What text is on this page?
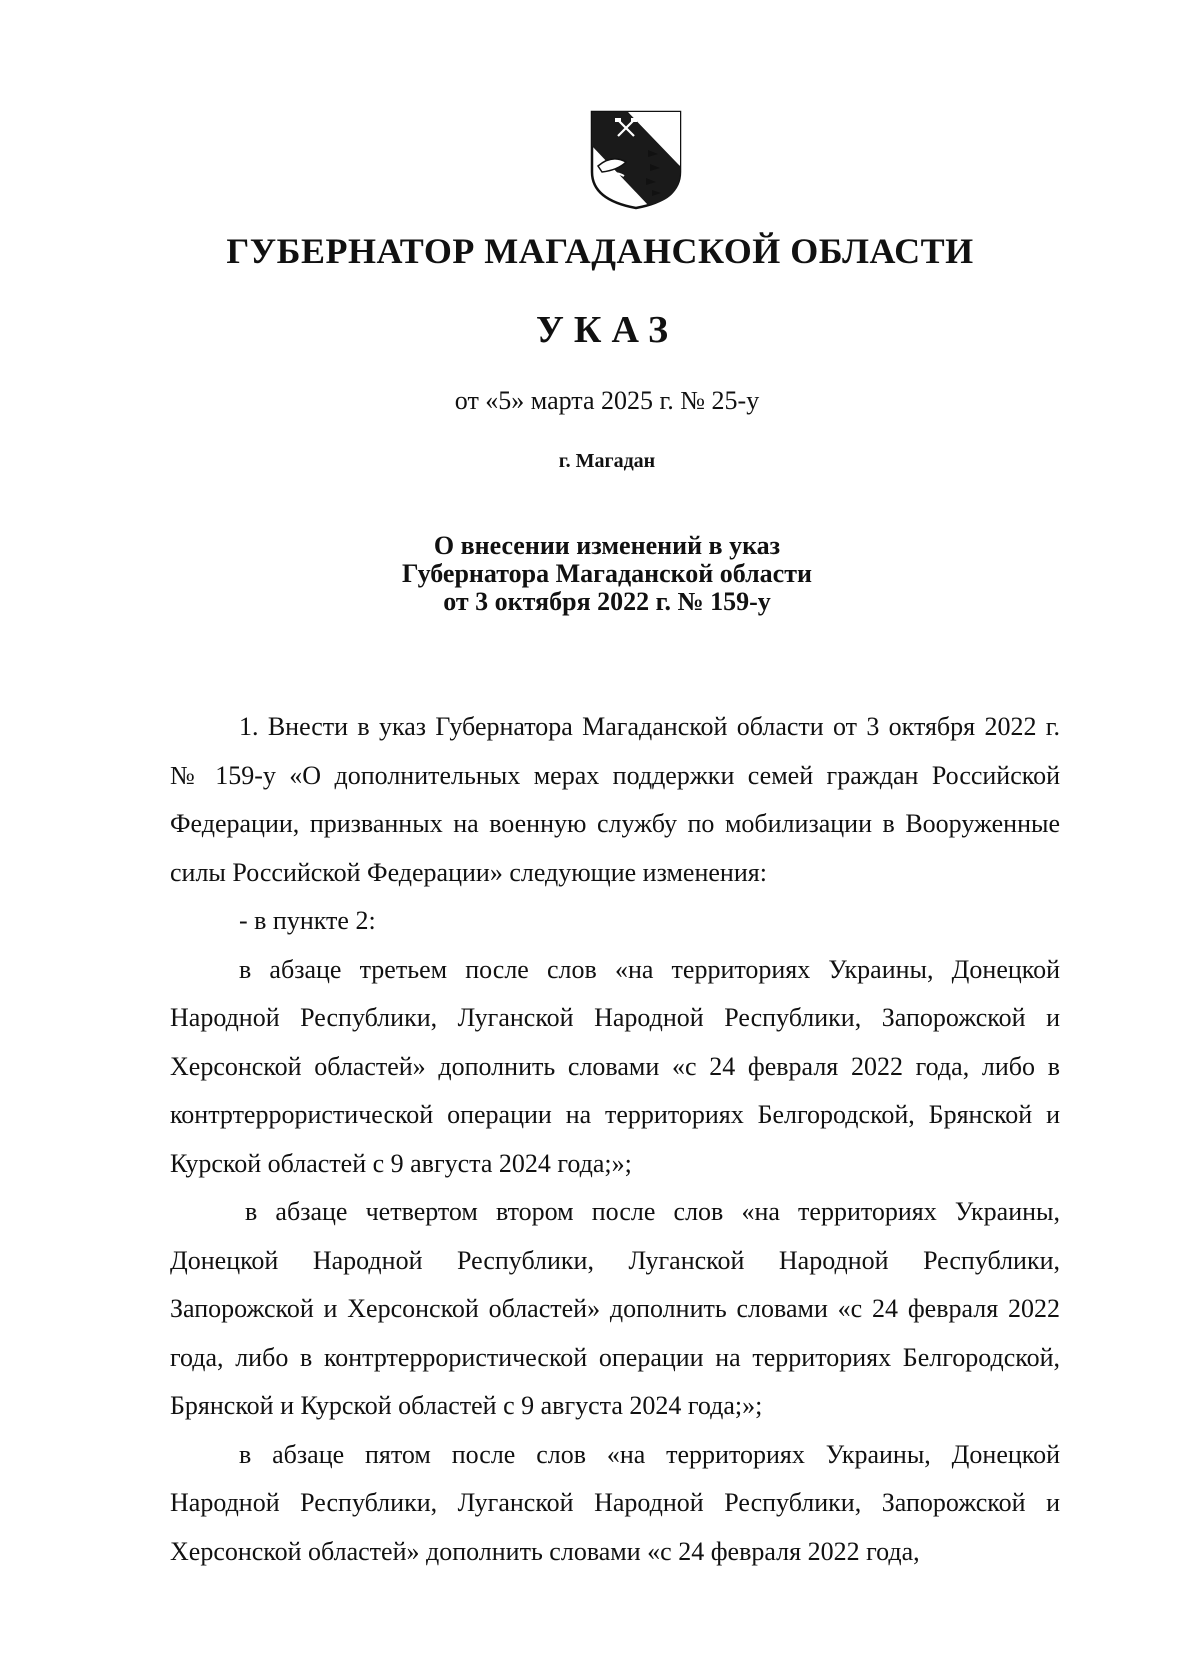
ГУБЕРНАТОР МАГАДАНСКОЙ ОБЛАСТИ
УКАЗ
от «5» марта 2025 г. № 25-у
г. Магадан
О внесении изменений в указ
Губернатора Магаданской области
от 3 октября 2022 г. № 159-у

1. Внести в указ Губернатора Магаданской области от 3 октября 2022 г. № 159-у «О дополнительных мерах поддержки семей граждан Российской Федерации, призванных на военную службу по мобилизации в Вооруженные силы Российской Федерации» следующие изменения:

- в пункте 2:

в абзаце третьем после слов «на территориях Украины, Донецкой Народной Республики, Луганской Народной Республики, Запорожской и Херсонской областей» дополнить словами «с 24 февраля 2022 года, либо в контртеррористической операции на территориях Белгородской, Брянской и Курской областей с 9 августа 2024 года;»;

в абзаце четвертом втором после слов «на территориях Украины, Донецкой Народной Республики, Луганской Народной Республики, Запорожской и Херсонской областей» дополнить словами «с 24 февраля 2022 года, либо в контртеррористической операции на территориях Белгородской, Брянской и Курской областей с 9 августа 2024 года;»;

в абзаце пятом после слов «на территориях Украины, Донецкой Народной Республики, Луганской Народной Республики, Запорожской и Херсонской областей» дополнить словами «с 24 февраля 2022 года,
